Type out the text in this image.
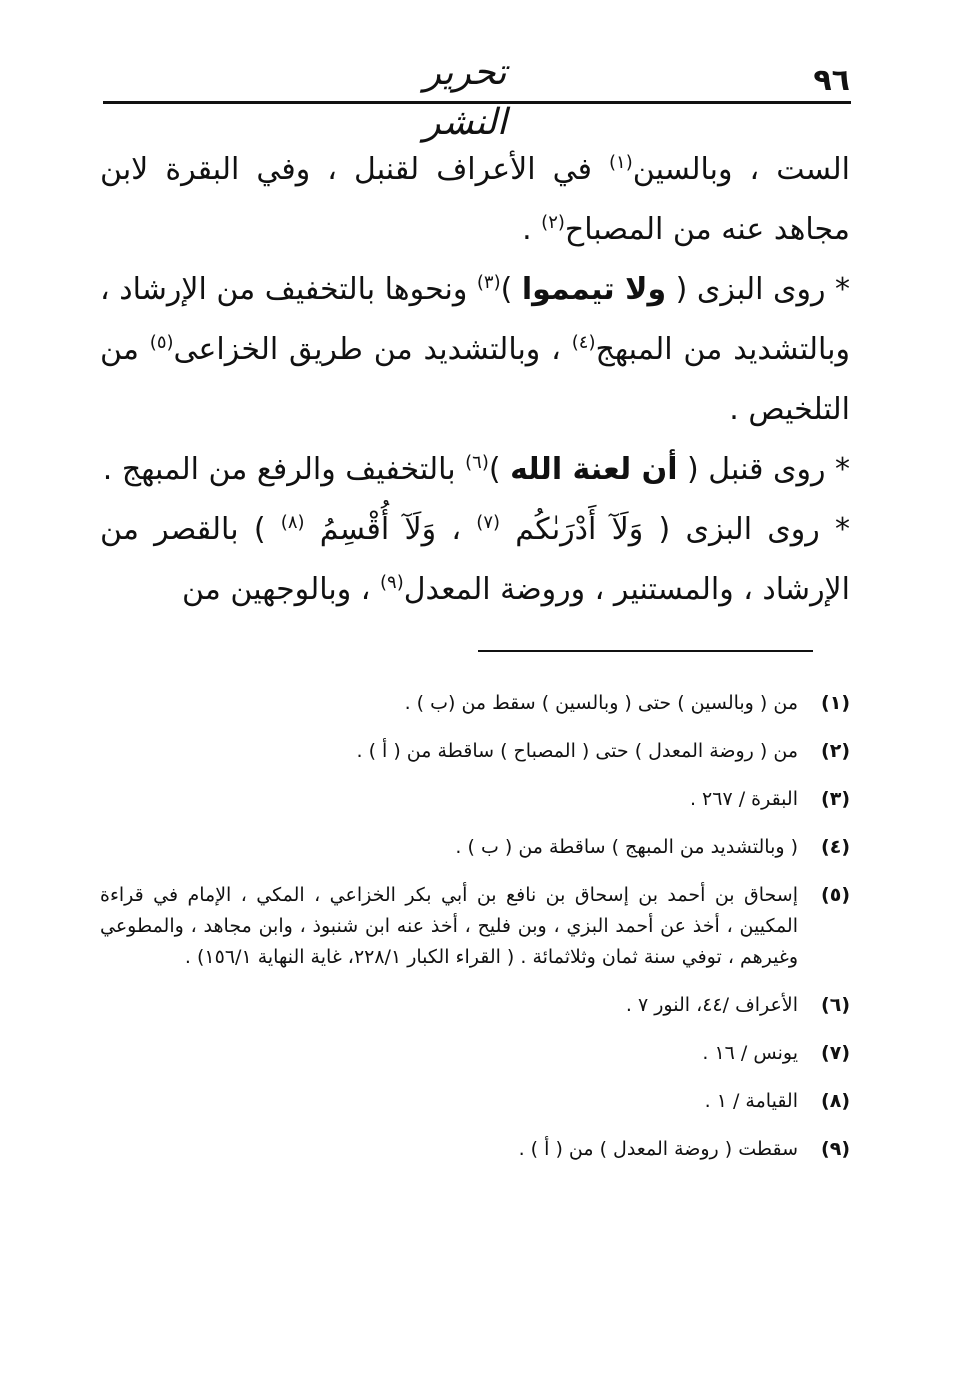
٩٦
تحرير النشر

الست ، وبالسين$^{(١)}$ في الأعراف لقنبل ، وفي البقرة لابن مجاهد عنه من المصباح$^{(٢)}$ .

* روى البزى ( ولا تيمموا )$^{(٣)}$ ونحوها بالتخفيف من الإرشاد ، وبالتشديد من المبهج$^{(٤)}$ ، وبالتشديد من طريق الخزاعى$^{(٥)}$ من التلخيص .

* روى قنبل ( أن لعنة الله )$^{(٦)}$ بالتخفيف والرفع من المبهج .

* روى البزى ( وَلَآ أَدْرَىٰكُم $^{(٧)}$ ، وَلَآ أُقْسِمُ $^{(٨)}$ ) بالقصر من الإرشاد ، والمستنير ، وروضة المعدل$^{(٩)}$ ، وبالوجهين من

(١)
من ( وبالسين ) حتى ( وبالسين ) سقط من (ب ) .
(٢)
من ( روضة المعدل ) حتى ( المصباح ) ساقطة من ( أ ) .
(٣)
البقرة / ٢٦٧ .
(٤)
( وبالتشديد من المبهج ) ساقطة من ( ب ) .
(٥)
إسحاق بن أحمد بن إسحاق بن نافع بن أبي بكر الخزاعي ، المكي ، الإمام في قراءة المكيين ، أخذ عن أحمد البزي ، وبن فليح ، أخذ عنه ابن شنبوذ ، وابن مجاهد ، والمطوعي وغيرهم ، توفي سنة ثمان وثلاثمائة . ( القراء الكبار ٢٢٨/١، غاية النهاية ١٥٦/١) .
(٦)
الأعراف /٤٤، النور ٧ .
(٧)
يونس / ١٦ .
(٨)
القيامة / ١ .
(٩)
سقطت ( روضة المعدل ) من ( أ ) .
